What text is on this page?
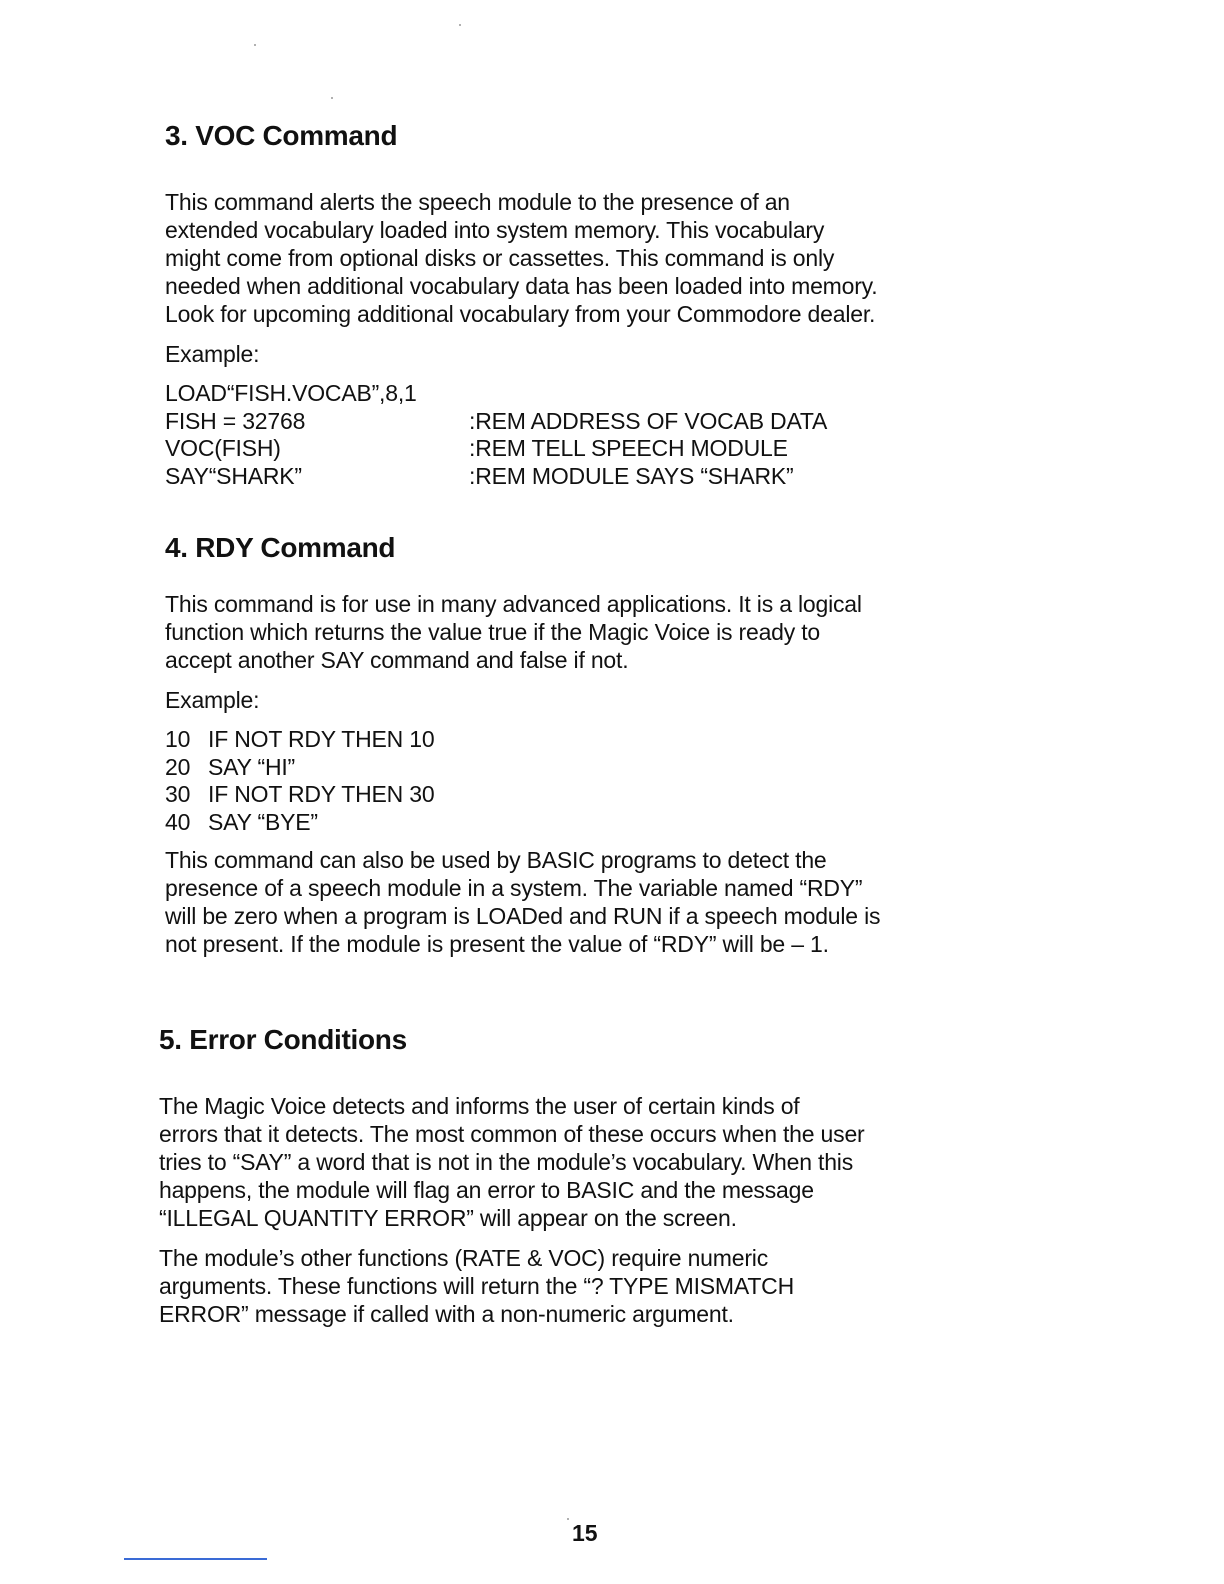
3. VOC Command

This command alerts the speech module to the presence of an

extended vocabulary loaded into system memory. This vocabulary

might come from optional disks or cassettes. This command is only

needed when additional vocabulary data has been loaded into memory.

Look for upcoming additional vocabulary from your Commodore dealer.

Example:

LOAD“FISH.VOCAB”,8,1
FISH = 32768	:REM ADDRESS OF VOCAB DATA
VOC(FISH)	:REM TELL SPEECH MODULE
SAY“SHARK”	:REM MODULE SAYS “SHARK”
4. RDY Command

This command is for use in many advanced applications. It is a logical

function which returns the value true if the Magic Voice is ready to

accept another SAY command and false if not.

Example:

10 IF NOT RDY THEN 10
20 SAY “HI”
30 IF NOT RDY THEN 30
40 SAY “BYE”

This command can also be used by BASIC programs to detect the

presence of a speech module in a system. The variable named “RDY”

will be zero when a program is LOADed and RUN if a speech module is

not present. If the module is present the value of “RDY” will be – 1.

5. Error Conditions

The Magic Voice detects and informs the user of certain kinds of

errors that it detects. The most common of these occurs when the user

tries to “SAY” a word that is not in the module’s vocabulary. When this

happens, the module will flag an error to BASIC and the message

“ILLEGAL QUANTITY ERROR” will appear on the screen.

The module’s other functions (RATE & VOC) require numeric

arguments. These functions will return the “? TYPE MISMATCH

ERROR” message if called with a non-numeric argument.

15
